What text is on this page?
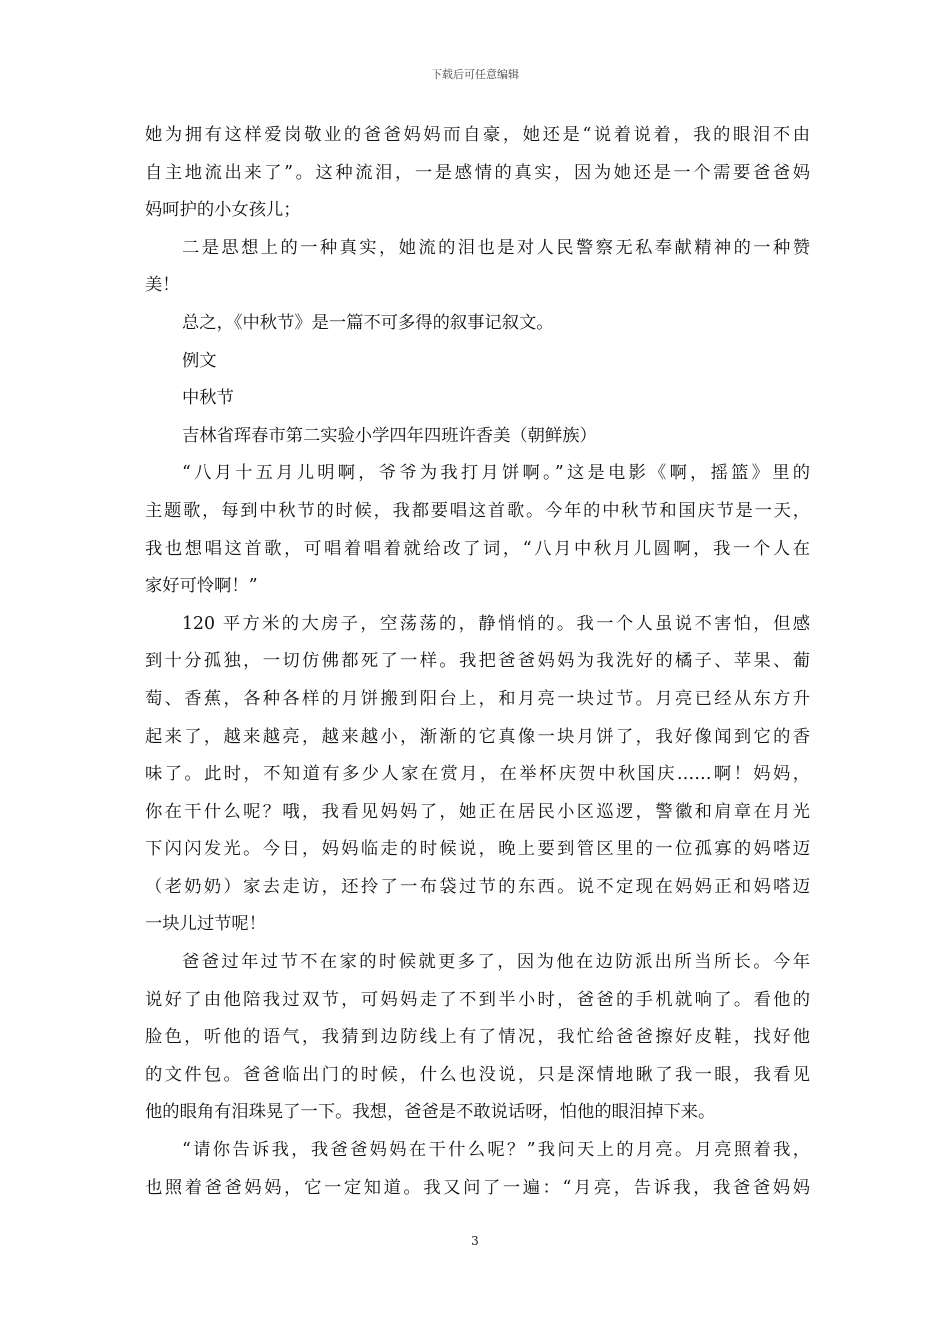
下载后可任意编辑
她为拥有这样爱岗敬业的爸爸妈妈而自豪，她还是“说着说着，我的眼泪不由
自主地流出来了”。这种流泪，一是感情的真实，因为她还是一个需要爸爸妈
妈呵护的小女孩儿；
二是思想上的一种真实，她流的泪也是对人民警察无私奉献精神的一种赞
美！
总之，《中秋节》是一篇不可多得的叙事记叙文。
例文
中秋节
吉林省珲春市第二实验小学四年四班许香美（朝鲜族）
“八月十五月儿明啊，爷爷为我打月饼啊。”这是电影《啊，摇篮》里的
主题歌，每到中秋节的时候，我都要唱这首歌。今年的中秋节和国庆节是一天，
我也想唱这首歌，可唱着唱着就给改了词，“八月中秋月儿圆啊，我一个人在
家好可怜啊！”
120 平方米的大房子，空荡荡的，静悄悄的。我一个人虽说不害怕，但感
到十分孤独，一切仿佛都死了一样。我把爸爸妈妈为我洗好的橘子、苹果、葡
萄、香蕉，各种各样的月饼搬到阳台上，和月亮一块过节。月亮已经从东方升
起来了，越来越亮，越来越小，渐渐的它真像一块月饼了，我好像闻到它的香
味了。此时，不知道有多少人家在赏月，在举杯庆贺中秋国庆……啊！妈妈，
你在干什么呢？哦，我看见妈妈了，她正在居民小区巡逻，警徽和肩章在月光
下闪闪发光。今日，妈妈临走的时候说，晚上要到管区里的一位孤寡的妈嗒迈
（老奶奶）家去走访，还拎了一布袋过节的东西。说不定现在妈妈正和妈嗒迈
一块儿过节呢！
爸爸过年过节不在家的时候就更多了，因为他在边防派出所当所长。今年
说好了由他陪我过双节，可妈妈走了不到半小时，爸爸的手机就响了。看他的
脸色，听他的语气，我猜到边防线上有了情况，我忙给爸爸擦好皮鞋，找好他
的文件包。爸爸临出门的时候，什么也没说，只是深情地瞅了我一眼，我看见
他的眼角有泪珠晃了一下。我想，爸爸是不敢说话呀，怕他的眼泪掉下来。
“请你告诉我，我爸爸妈妈在干什么呢？”我问天上的月亮。月亮照着我，
也照着爸爸妈妈，它一定知道。我又问了一遍：“月亮，告诉我，我爸爸妈妈
3
